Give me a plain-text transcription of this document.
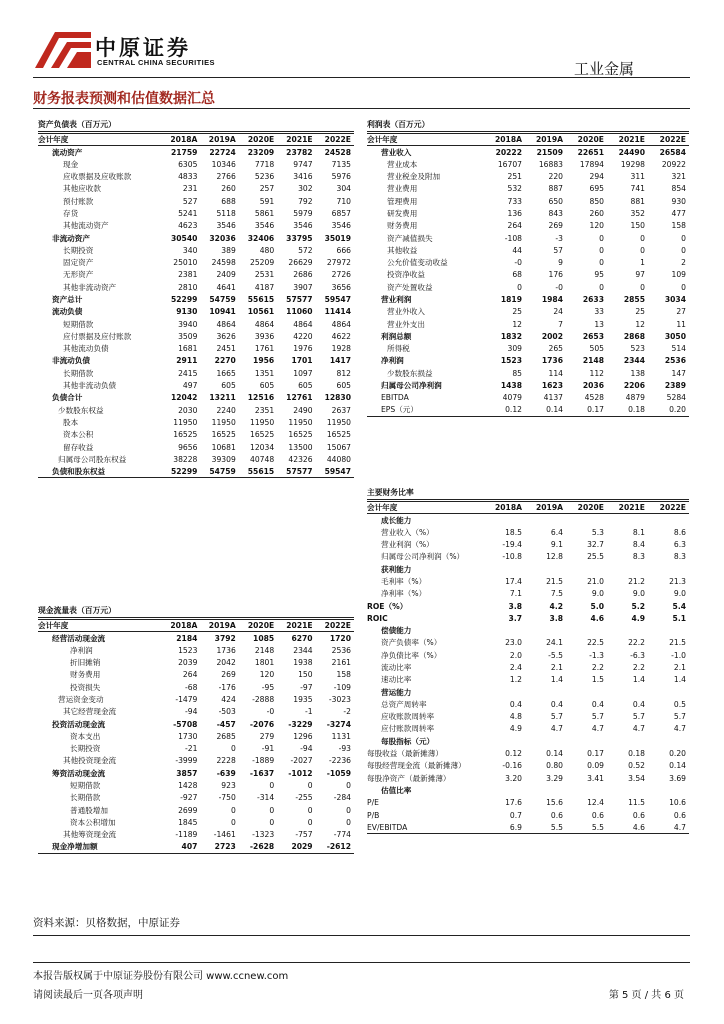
中原证券
CENTRAL CHINA SECURITIES	工业金属
财务报表预测和估值数据汇总
资产负债表（百万元）
会计年度	2018A	2019A	2020E	2021E	2022E
流动资产	21759	22724	23209	23782	24528
现金	6305	10346	7718	9747	7135
应收票据及应收账款	4833	2766	5236	3416	5976
其他应收款	231	260	257	302	304
预付账款	527	688	591	792	710
存货	5241	5118	5861	5979	6857
其他流动资产	4623	3546	3546	3546	3546
非流动资产	30540	32036	32406	33795	35019
长期投资	340	389	480	572	666
固定资产	25010	24598	25209	26629	27972
无形资产	2381	2409	2531	2686	2726
其他非流动资产	2810	4641	4187	3907	3656
资产总计	52299	54759	55615	57577	59547
流动负债	9130	10941	10561	11060	11414
短期借款	3940	4864	4864	4864	4864
应付票据及应付账款	3509	3626	3936	4220	4622
其他流动负债	1681	2451	1761	1976	1928
非流动负债	2911	2270	1956	1701	1417
长期借款	2415	1665	1351	1097	812
其他非流动负债	497	605	605	605	605
负债合计	12042	13211	12516	12761	12830
少数股东权益	2030	2240	2351	2490	2637
股本	11950	11950	11950	11950	11950
资本公积	16525	16525	16525	16525	16525
留存收益	9656	10681	12034	13500	15067
归属母公司股东权益	38228	39309	40748	42326	44080
负债和股东权益	52299	54759	55615	57577	59547
利润表（百万元）
会计年度	2018A	2019A	2020E	2021E	2022E
营业收入	20222	21509	22651	24490	26584
营业成本	16707	16883	17894	19298	20922
营业税金及附加	251	220	294	311	321
营业费用	532	887	695	741	854
管理费用	733	650	850	881	930
研发费用	136	843	260	352	477
财务费用	264	269	120	150	158
资产减值损失	-108	-3	0	0	0
其他收益	44	57	0	0	0
公允价值变动收益	-0	9	0	1	2
投资净收益	68	176	95	97	109
资产处置收益	0	-0	0	0	0
营业利润	1819	1984	2633	2855	3034
营业外收入	25	24	33	25	27
营业外支出	12	7	13	12	11
利润总额	1832	2002	2653	2868	3050
所得税	309	265	505	523	514
净利润	1523	1736	2148	2344	2536
少数股东损益	85	114	112	138	147
归属母公司净利润	1438	1623	2036	2206	2389
EBITDA	4079	4137	4528	4879	5284
EPS（元）	0.12	0.14	0.17	0.18	0.20
主要财务比率
会计年度	2018A	2019A	2020E	2021E	2022E
成长能力					
营业收入（%）	18.5	6.4	5.3	8.1	8.6
营业利润（%）	-19.4	9.1	32.7	8.4	6.3
归属母公司净利润（%）	-10.8	12.8	25.5	8.3	8.3
获利能力					
毛利率（%）	17.4	21.5	21.0	21.2	21.3
净利率（%）	7.1	7.5	9.0	9.0	9.0
ROE（%）	3.8	4.2	5.0	5.2	5.4
ROIC	3.7	3.8	4.6	4.9	5.1
偿债能力					
资产负债率（%）	23.0	24.1	22.5	22.2	21.5
净负债比率（%）	2.0	-5.5	-1.3	-6.3	-1.0
流动比率	2.4	2.1	2.2	2.2	2.1
速动比率	1.2	1.4	1.5	1.4	1.4
营运能力					
总资产周转率	0.4	0.4	0.4	0.4	0.5
应收账款周转率	4.8	5.7	5.7	5.7	5.7
应付账款周转率	4.9	4.7	4.7	4.7	4.7
每股指标（元）					
每股收益（最新摊薄）	0.12	0.14	0.17	0.18	0.20
每股经营现金流（最新摊薄）	-0.16	0.80	0.09	0.52	0.14
每股净资产（最新摊薄）	3.20	3.29	3.41	3.54	3.69
估值比率					
P/E	17.6	15.6	12.4	11.5	10.6
P/B	0.7	0.6	0.6	0.6	0.6
EV/EBITDA	6.9	5.5	5.5	4.6	4.7
现金流量表（百万元）
会计年度	2018A	2019A	2020E	2021E	2022E
经营活动现金流	2184	3792	1085	6270	1720
净利润	1523	1736	2148	2344	2536
折旧摊销	2039	2042	1801	1938	2161
财务费用	264	269	120	150	158
投资损失	-68	-176	-95	-97	-109
营运资金变动	-1479	424	-2888	1935	-3023
其它经营现金流	-94	-503	-0	-1	-2
投资活动现金流	-5708	-457	-2076	-3229	-3274
资本支出	1730	2685	279	1296	1131
长期投资	-21	0	-91	-94	-93
其他投资现金流	-3999	2228	-1889	-2027	-2236
筹资活动现金流	3857	-639	-1637	-1012	-1059
短期借款	1428	923	0	0	0
长期借款	-927	-750	-314	-255	-284
普通股增加	2699	0	0	0	0
资本公积增加	1845	0	0	0	0
其他筹资现金流	-1189	-1461	-1323	-757	-774
现金净增加额	407	2723	-2628	2029	-2612
资料来源：贝格数据，中原证券
本报告版权属于中原证券股份有限公司 www.ccnew.com
请阅读最后一页各项声明	第 5 页 / 共 6 页
